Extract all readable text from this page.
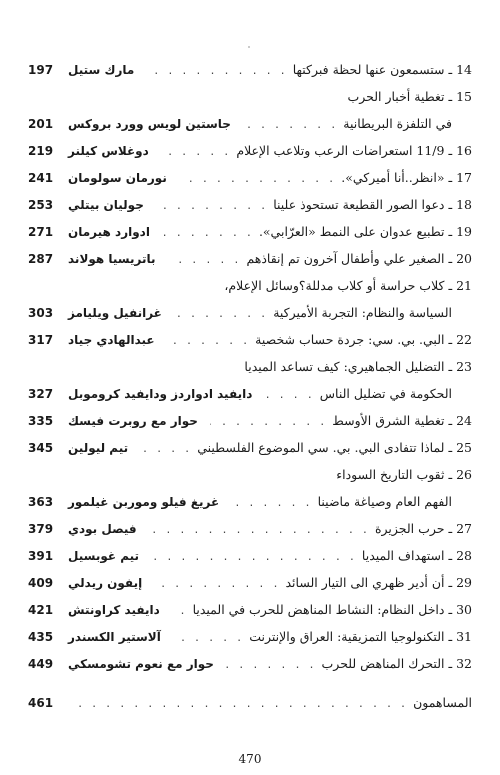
14 ـ ستسمعون عنها لحظة فبركتها
. . .
مارك ستيل
197
15 ـ تغطية أخبار الحرب
في التلفزة البريطانية
. . .
جاستين لويس وورد بروكس
201
16 ـ 11/9 استعراضات الرعب وتلاعب الإعلام
. . .
دوغلاس كيلنر
219
17 ـ «انظر..أنا أميركي».
. . .
نورمان سولومان
241
18 ـ دعوا الصور القطيعة تستحوذ علينا
. . .
جوليان بيتلي
253
19 ـ تطبيع عدوان على النمط «العرّابي».
. . .
ادوارد هيرمان
271
20 ـ الصغير علي وأطفال آخرون تم إنقاذهم
. . .
باتريسيا هولاند
287
21 ـ كلاب حراسة أو كلاب مدللة؟وسائل الإعلام،
السياسة والنظام: التجربة الأميركية
. . .
غرانفيل ويليامز
303
22 ـ البي. بي. سي: جردة حساب شخصية
. . .
عبدالهادي جياد
317
23 ـ التضليل الجماهيري: كيف تساعد الميديا
الحكومة في تضليل الناس
. . .
دايفيد ادواردز ودايفيد كروموبل
327
24 ـ تغطية الشرق الأوسط
. . .
حوار مع روبرت فيسك
335
25 ـ لماذا تتفادى البي. بي. سي الموضوع الفلسطيني
. . .
تيم ليولين
345
26 ـ ثقوب التاريخ السوداء
الفهم العام وصياغة ماضينا
. . .
غريغ فيلو وموربن غيلمور
363
27 ـ حرب الجزيرة
. . .
فيصل بودي
379
28 ـ استهداف الميديا
. . .
تيم غوبسيل
391
29 ـ أن أدير ظهري الى التيار السائد
. . .
إيفون ريدلي
409
30 ـ داخل النظام: النشاط المناهض للحرب في الميديا
. . .
دايفيد كراونتش
421
31 ـ التكنولوجيا التمزيقية: العراق والإنترنت
. . .
آلاستير الكسندر
435
32 ـ التحرك المناهض للحرب
. . .
حوار مع نعوم تشومسكي
449
المساهمون
. . .
461
470
